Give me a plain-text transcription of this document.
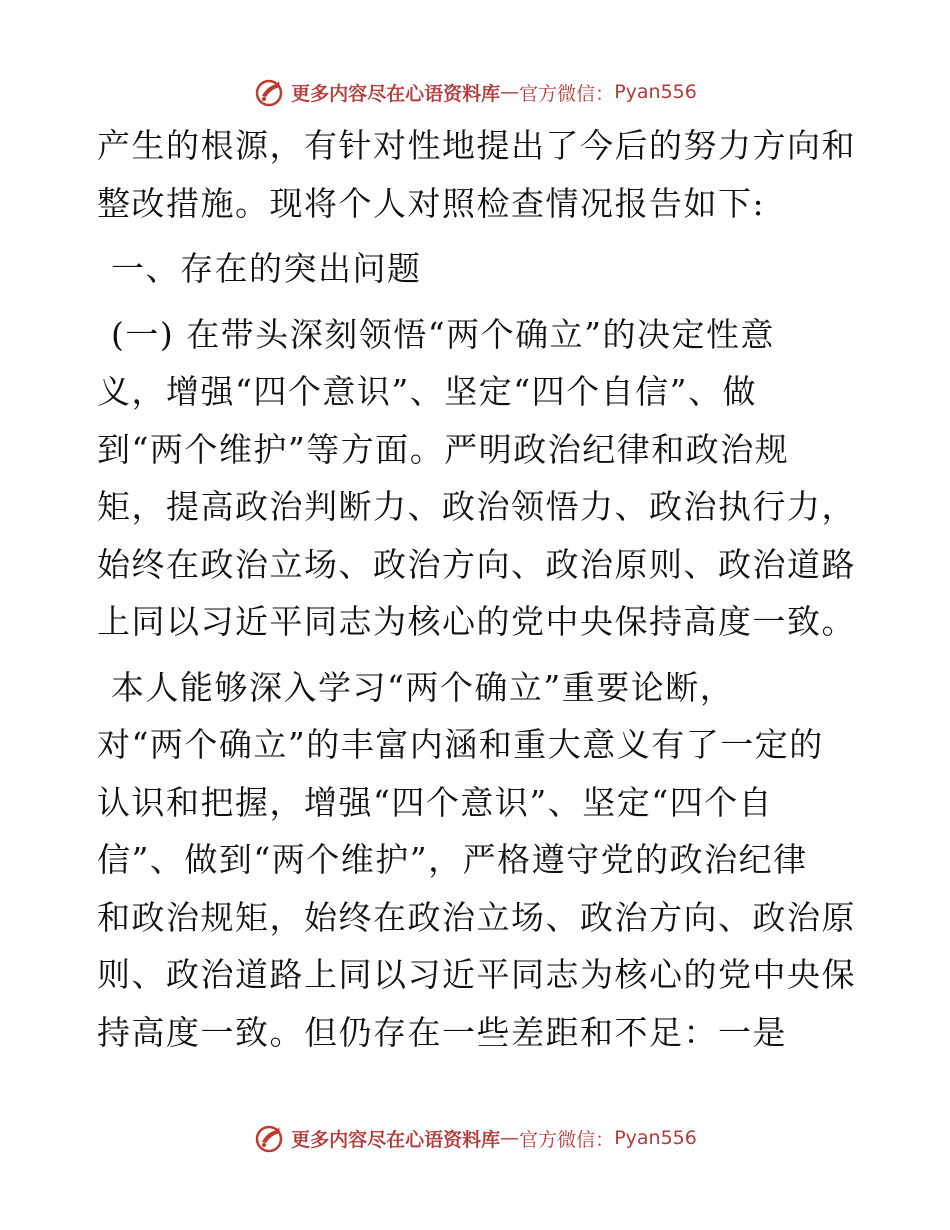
更多内容尽在心语资料库 — 官方微信： Pyan556
产生的根源，有针对性地提出了今后的努力方向和
整改措施。现将个人对照检查情况报告如下:
一、存在的突出问题
(一) 在带头深刻领悟“两个确立”的决定性意
义，增强“四个意识”、坚定“四个自信”、做
到“两个维护”等方面。严明政治纪律和政治规
矩，提高政治判断力、政治领悟力、政治执行力，
始终在政治立场、政治方向、政治原则、政治道路
上同以习近平同志为核心的党中央保持高度一致。
本人能够深入学习“两个确立”重要论断，
对“两个确立”的丰富内涵和重大意义有了一定的
认识和把握，增强“四个意识”、坚定“四个自
信”、做到“两个维护”，严格遵守党的政治纪律
和政治规矩，始终在政治立场、政治方向、政治原
则、政治道路上同以习近平同志为核心的党中央保
持高度一致。但仍存在一些差距和不足：一是
更多内容尽在心语资料库 — 官方微信： Pyan556
